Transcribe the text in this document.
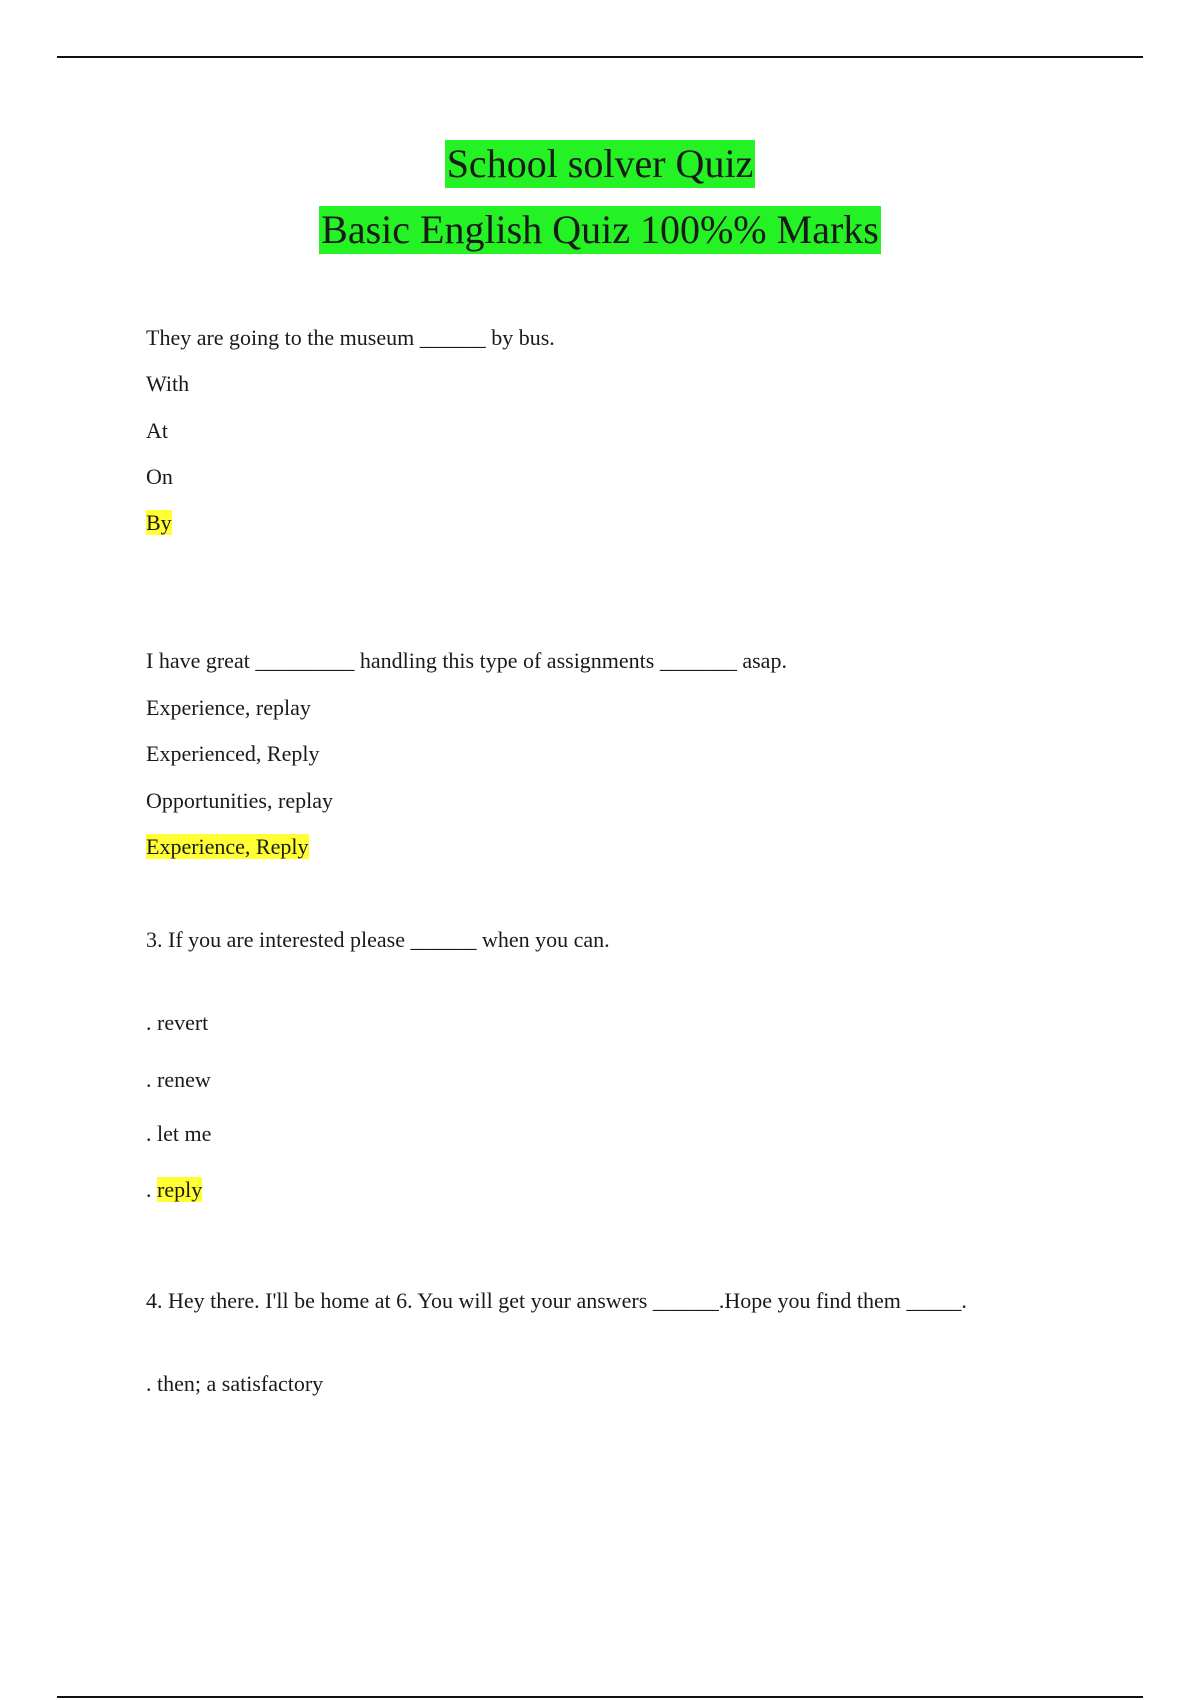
School solver Quiz
Basic English Quiz 100%% Marks
They are going to the museum ______ by bus.
With
At
On
By
I have great _________ handling this type of assignments _______ asap.
Experience, replay
Experienced, Reply
Opportunities, replay
Experience, Reply
3. If you are interested please ______ when you can.
. revert
. renew
. let me
. reply
4. Hey there. I'll be home at 6. You will get your answers ______.Hope you find them _____.
. then; a satisfactory
